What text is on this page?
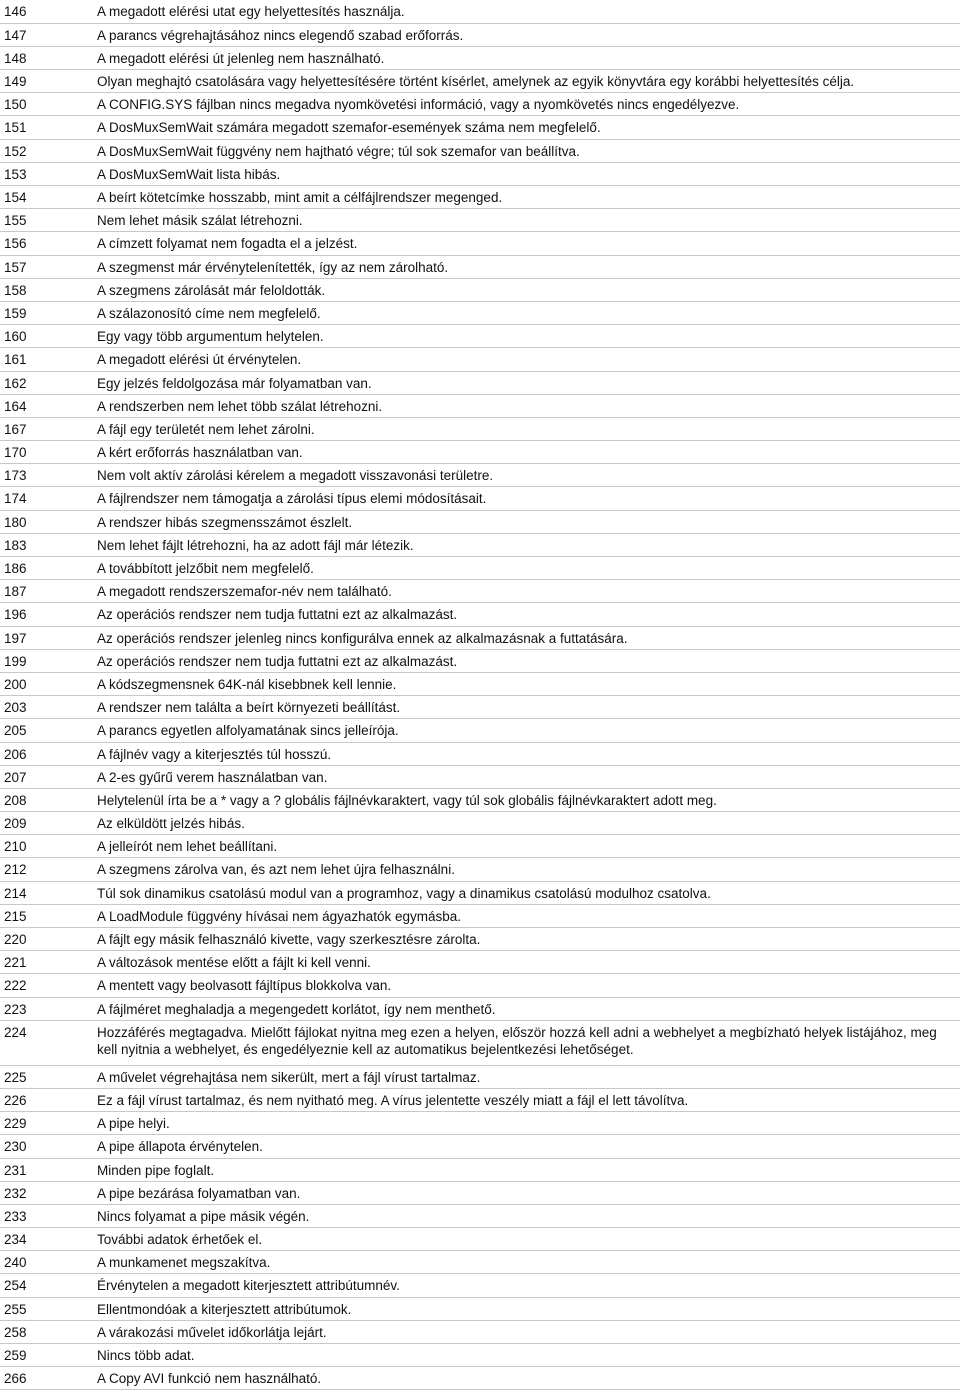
146	A megadott elérési utat egy helyettesítés használja.
147	A parancs végrehajtásához nincs elegendő szabad erőforrás.
148	A megadott elérési út jelenleg nem használható.
149	Olyan meghajtó csatolására vagy helyettesítésére történt kísérlet, amelynek az egyik könyvtára egy korábbi helyettesítés célja.
150	A CONFIG.SYS fájlban nincs megadva nyomkövetési információ, vagy a nyomkövetés nincs engedélyezve.
151	A DosMuxSemWait számára megadott szemafor-események száma nem megfelelő.
152	A DosMuxSemWait függvény nem hajtható végre; túl sok szemafor van beállítva.
153	A DosMuxSemWait lista hibás.
154	A beírt kötetcímke hosszabb, mint amit a célfájlrendszer megenged.
155	Nem lehet másik szálat létrehozni.
156	A címzett folyamat nem fogadta el a jelzést.
157	A szegmenst már érvénytelenítették, így az nem zárolható.
158	A szegmens zárolását már feloldották.
159	A szálazonosító címe nem megfelelő.
160	Egy vagy több argumentum helytelen.
161	A megadott elérési út érvénytelen.
162	Egy jelzés feldolgozása már folyamatban van.
164	A rendszerben nem lehet több szálat létrehozni.
167	A fájl egy területét nem lehet zárolni.
170	A kért erőforrás használatban van.
173	Nem volt aktív zárolási kérelem a megadott visszavonási területre.
174	A fájlrendszer nem támogatja a zárolási típus elemi módosításait.
180	A rendszer hibás szegmensszámot észlelt.
183	Nem lehet fájlt létrehozni, ha az adott fájl már létezik.
186	A továbbított jelzőbit nem megfelelő.
187	A megadott rendszerszemafor-név nem található.
196	Az operációs rendszer nem tudja futtatni ezt az alkalmazást.
197	Az operációs rendszer jelenleg nincs konfigurálva ennek az alkalmazásnak a futtatására.
199	Az operációs rendszer nem tudja futtatni ezt az alkalmazást.
200	A kódszegmensnek 64K-nál kisebbnek kell lennie.
203	A rendszer nem találta a beírt környezeti beállítást.
205	A parancs egyetlen alfolyamatának sincs jelleírója.
206	A fájlnév vagy a kiterjesztés túl hosszú.
207	A 2-es gyűrű verem használatban van.
208	Helytelenül írta be a * vagy a ? globális fájlnévkaraktert, vagy túl sok globális fájlnévkaraktert adott meg.
209	Az elküldött jelzés hibás.
210	A jelleírót nem lehet beállítani.
212	A szegmens zárolva van, és azt nem lehet újra felhasználni.
214	Túl sok dinamikus csatolású modul van a programhoz, vagy a dinamikus csatolású modulhoz csatolva.
215	A LoadModule függvény hívásai nem ágyazhatók egymásba.
220	A fájlt egy másik felhasználó kivette, vagy szerkesztésre zárolta.
221	A változások mentése előtt a fájlt ki kell venni.
222	A mentett vagy beolvasott fájltípus blokkolva van.
223	A fájlméret meghaladja a megengedett korlátot, így nem menthető.
224	Hozzáférés megtagadva. Mielőtt fájlokat nyitna meg ezen a helyen, először hozzá kell adni a webhelyet a megbízható helyek listájához, meg kell nyitnia a webhelyet, és engedélyeznie kell az automatikus bejelentkezési lehetőséget.
225	A művelet végrehajtása nem sikerült, mert a fájl vírust tartalmaz.
226	Ez a fájl vírust tartalmaz, és nem nyitható meg. A vírus jelentette veszély miatt a fájl el lett távolítva.
229	A pipe helyi.
230	A pipe állapota érvénytelen.
231	Minden pipe foglalt.
232	A pipe bezárása folyamatban van.
233	Nincs folyamat a pipe másik végén.
234	További adatok érhetőek el.
240	A munkamenet megszakítva.
254	Érvénytelen a megadott kiterjesztett attribútumnév.
255	Ellentmondóak a kiterjesztett attribútumok.
258	A várakozási művelet időkorlátja lejárt.
259	Nincs több adat.
266	A Copy AVI funkció nem használható.
